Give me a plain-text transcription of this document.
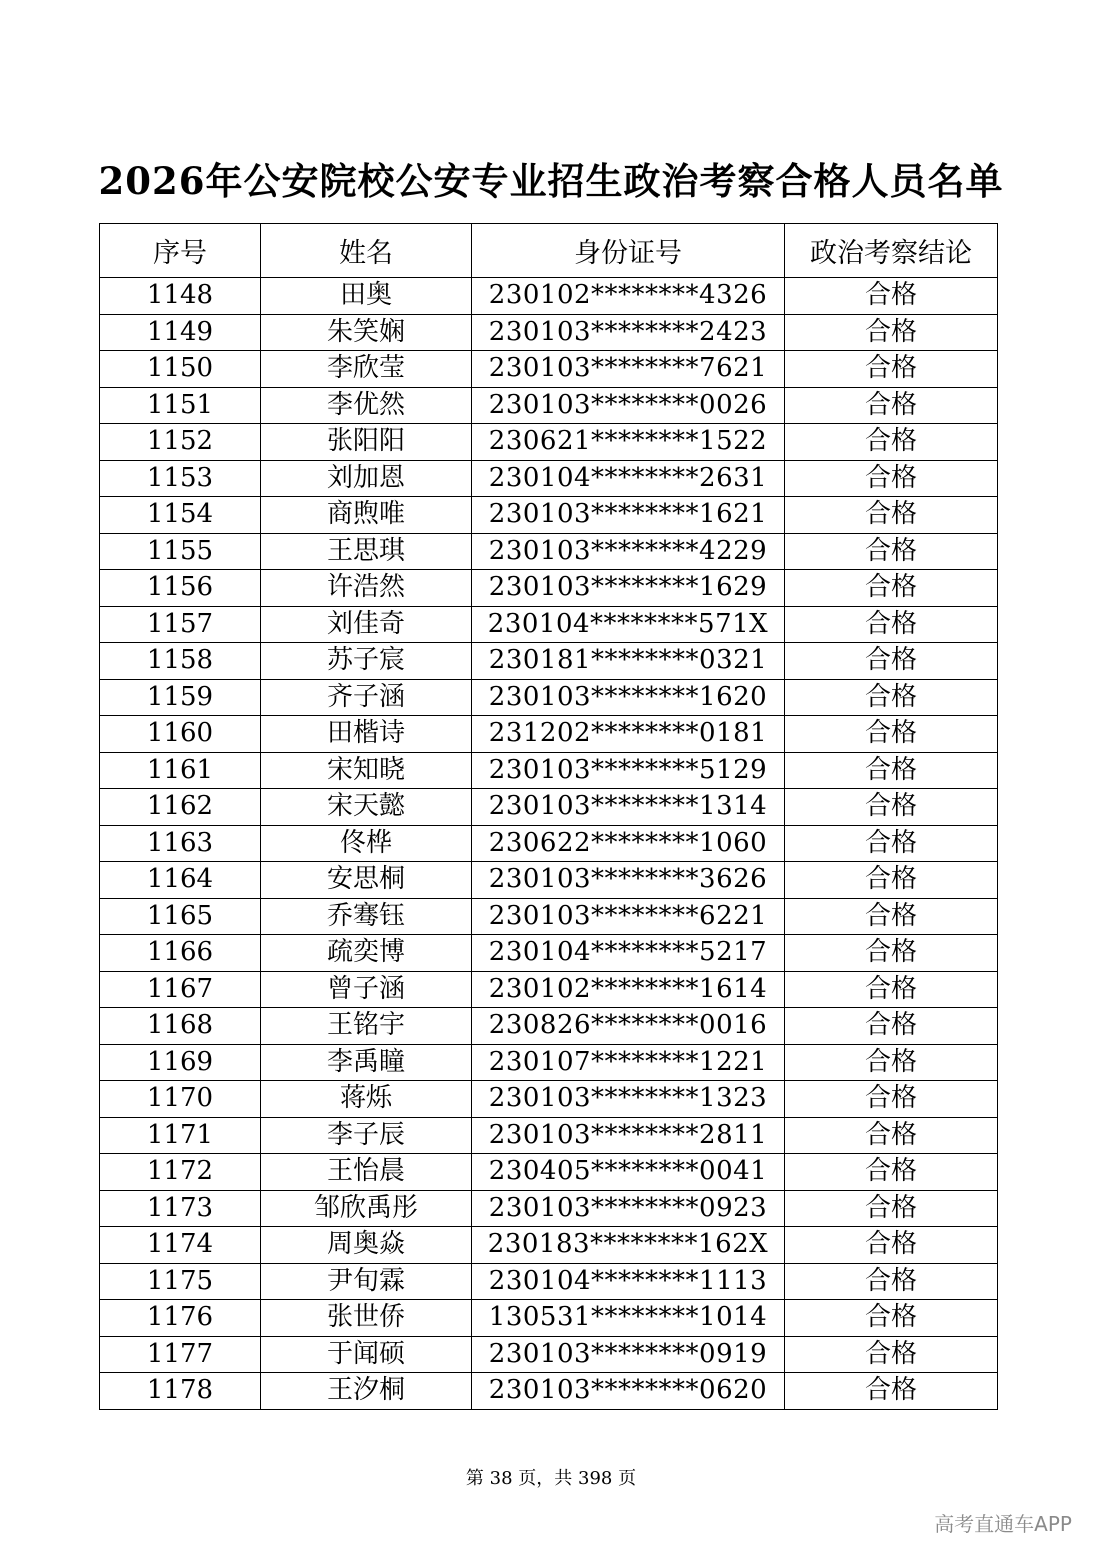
2026年公安院校公安专业招生政治考察合格人员名单
序号	姓名	身份证号	政治考察结论
1148	田奥	230102********4326	合格
1149	朱笑娴	230103********2423	合格
1150	李欣莹	230103********7621	合格
1151	李优然	230103********0026	合格
1152	张阳阳	230621********1522	合格
1153	刘加恩	230104********2631	合格
1154	商煦唯	230103********1621	合格
1155	王思琪	230103********4229	合格
1156	许浩然	230103********1629	合格
1157	刘佳奇	230104********571X	合格
1158	苏子宸	230181********0321	合格
1159	齐子涵	230103********1620	合格
1160	田楷诗	231202********0181	合格
1161	宋知晓	230103********5129	合格
1162	宋天懿	230103********1314	合格
1163	佟桦	230622********1060	合格
1164	安思桐	230103********3626	合格
1165	乔骞钰	230103********6221	合格
1166	疏奕博	230104********5217	合格
1167	曾子涵	230102********1614	合格
1168	王铭宇	230826********0016	合格
1169	李禹瞳	230107********1221	合格
1170	蒋烁	230103********1323	合格
1171	李子辰	230103********2811	合格
1172	王怡晨	230405********0041	合格
1173	邹欣禹彤	230103********0923	合格
1174	周奥焱	230183********162X	合格
1175	尹旬霖	230104********1113	合格
1176	张世侨	130531********1014	合格
1177	于闻硕	230103********0919	合格
1178	王汐桐	230103********0620	合格
第 38 页，共 398 页
高考直通车APP
